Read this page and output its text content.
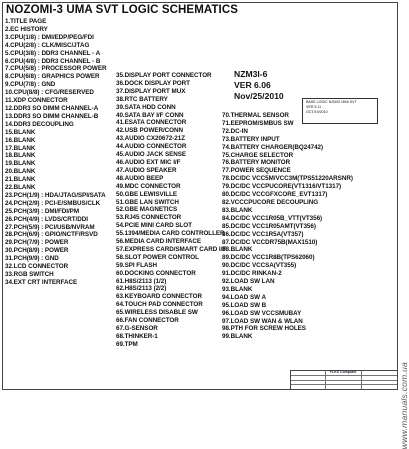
NOZOMI-3 UMA SVT LOGIC SCHEMATICS
1.TITLE PAGE
2.EC HISTORY
3.CPU(1/8) : DMI/EDP/PEG/FDI
4.CPU(2/8) : CLK/MISC/JTAG
5.CPU(3/8) : DDR3 CHANNEL - A
6.CPU(4/8) : DDR3 CHANNEL - B
7.CPU(5/8) : PROCESSOR POWER
8.CPU(6/8) : GRAPHICS POWER
9.CPU(7/8) : GND
10.CPU(8/8) : CFG/RESERVED
11.XDP CONNECTOR
12.DDR3 SO DIMM CHANNEL-A
13.DDR3 SO DIMM CHANNEL-B
14.DDR3 DECOUPLING
15.BLANK
16.BLANK
17.BLANK
18.BLANK
19.BLANK
20.BLANK
21.BLANK
22.BLANK
23.PCH(1/9) : HDA/JTAG/SPI/SATA
24.PCH(2/9) : PCI-E/SMBUS/CLK
25.PCH(3/9) : DMI/FDI/PM
26.PCH(4/9) : LVDS/CRT/DDI
27.PCH(5/9) : PCI/USB/NVRAM
28.PCH(6/9) : GPIO/NCTF/RSVD
29.PCH(7/9) : POWER
30.PCH(8/9) : POWER
31.PCH(9/9) : GND
32.LCD CONNECTOR
33.RGB SWITCH
34.EXT CRT INTERFACE
35.DISPLAY PORT CONNECTOR
36.DOCK DISPLAY PORT
37.DISPLAY PORT MUX
38.RTC BATTERY
39.SATA HDD CONN
40.SATA BAY I/F CONN
41.ESATA CONNECTOR
42.USB POWER/CONN
43.AUDIO CX20672-21Z
44.AUDIO CONNECTOR
45.AUDIO JACK SENSE
46.AUDIO EXT MIC I/F
47.AUDIO SPEAKER
48.AUDIO BEEP
49.MDC CONNECTOR
50.GBE LEWISVILLE
51.GBE LAN SWITCH
52.GBE MAGNETICS
53.RJ45 CONNECTOR
54.PCIE MINI CARD SLOT
55.1394/MEDIA CARD CONTROLLER
56.MEDIA CARD INTERFACE
57.EXPRESS CARD/SMART CARD I/F
58.SLOT POWER CONTROL
59.SPI FLASH
60.DOCKING CONNECTOR
61.H8S/2113 (1/2)
62.H8S/2113 (2/2)
63.KEYBOARD CONNECTOR
64.TOUCH PAD CONNECTOR
65.WIRELESS DISABLE SW
66.FAN CONNECTOR
67.G-SENSOR
68.THINKER-1
69.TPM
70.THERMAL SENSOR
71.EEPROM/SMBUS SW
72.DC-IN
73.BATTERY INPUT
74.BATTERY CHARGER(BQ24742)
75.CHARGE SELECTOR
76.BATTERY MONITOR
77.POWER SEQUENCE
78.DC/DC VCC5M/VCC3M(TPS51220ARSNR)
79.DC/DC VCCPUCORE(VT1316/VT1317)
80.DC/DC VCCGFXCORE_EVT1317)
82.VCCCPUCORE DECOUPLING
83.BLANK
84.DC/DC VCC1R05B_VTT(VT356)
85.DC/DC VCC1R05AMT(VT356)
86.DC/DC VCC1R5A(VT357)
87.DC/DC VCCDR75B(MAX1510)
88.BLANK
89.DC/DC VCC1R8B(TPS62060)
90.DC/DC VCCSA(VT355)
91.DC/DC RINKAN-2
92.LOAD SW LAN
93.BLANK
94.LOAD SW A
95.LOAD SW B
96.LOAD SW VCCSMUBAY
97.LOAD SW WAN & WLAN
98.PTH FOR SCREW HOLES
99.BLANK
NZM3I-6
VER 6.06
Nov/25/2010
BASE LOGIC NZMSI UMA SVT
VER 5.11
OCT/19/2010
FLEX Computer	www.manuals.com.ua
